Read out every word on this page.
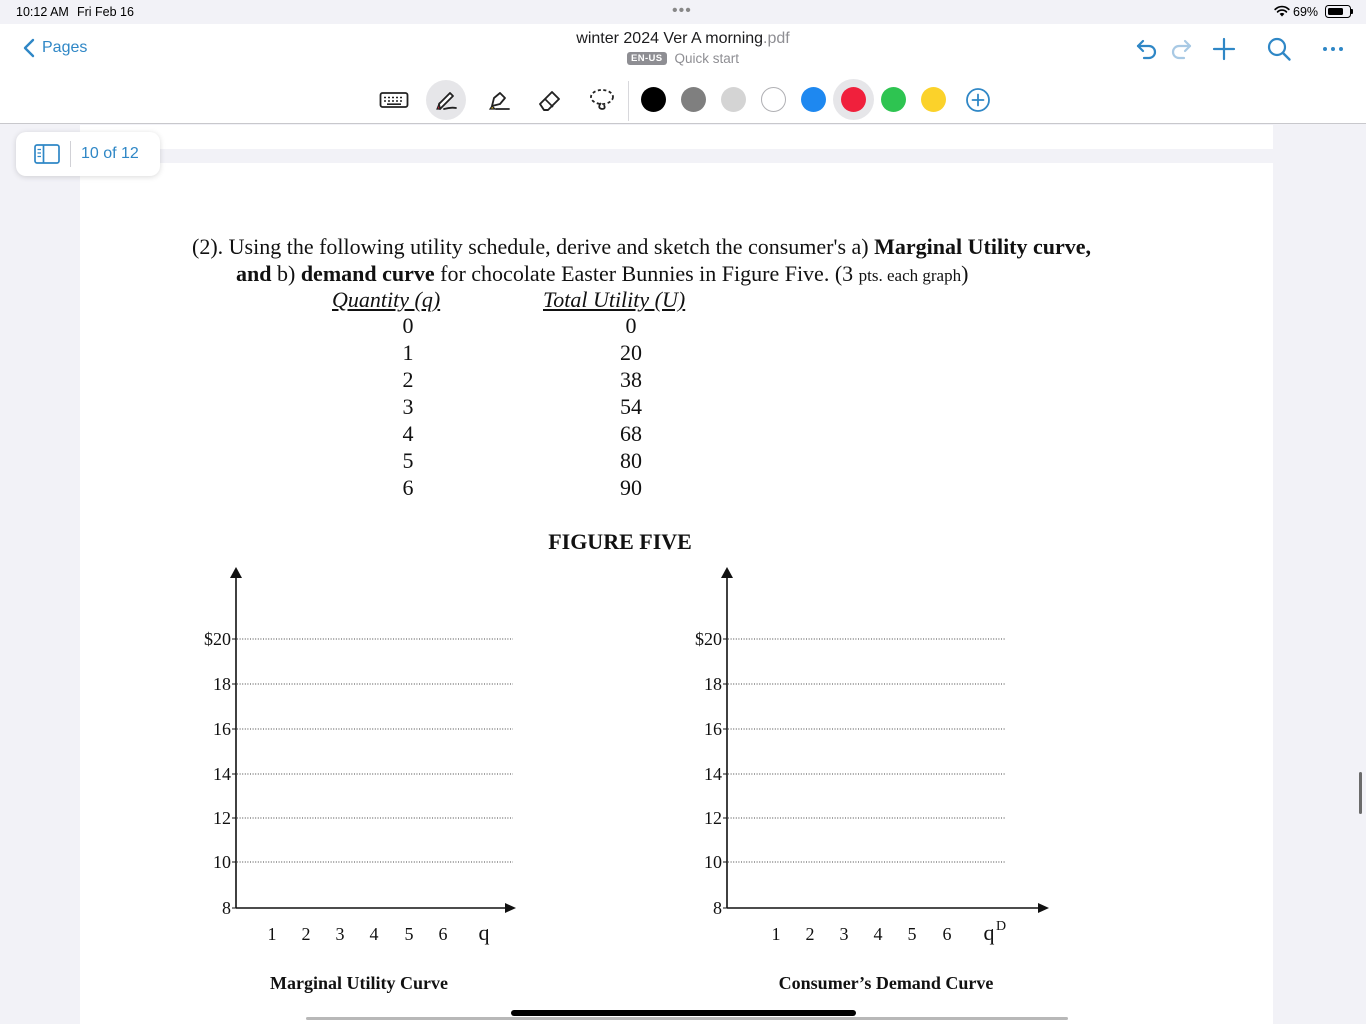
10:12 AM Fri Feb 16	•••	69%
Pages
winter 2024 Ver A morning.pdf
EN-US Quick start
10 of 12
(2). Using the following utility schedule, derive and sketch the consumer's a) Marginal Utility curve,
and b) demand curve for chocolate Easter Bunnies in Figure Five. (3 pts. each graph)
Quantity (q)	Total Utility (U)
0	0
1	20
2	38
3	54
4	68
5	80
6	90
FIGURE FIVE
$20
18
16
14
12
10
8
1 2 3 4 5 6 q
$20
18
16
14
12
10
8
1 2 3 4 5 6 q D
Marginal Utility Curve	Consumer’s Demand Curve
